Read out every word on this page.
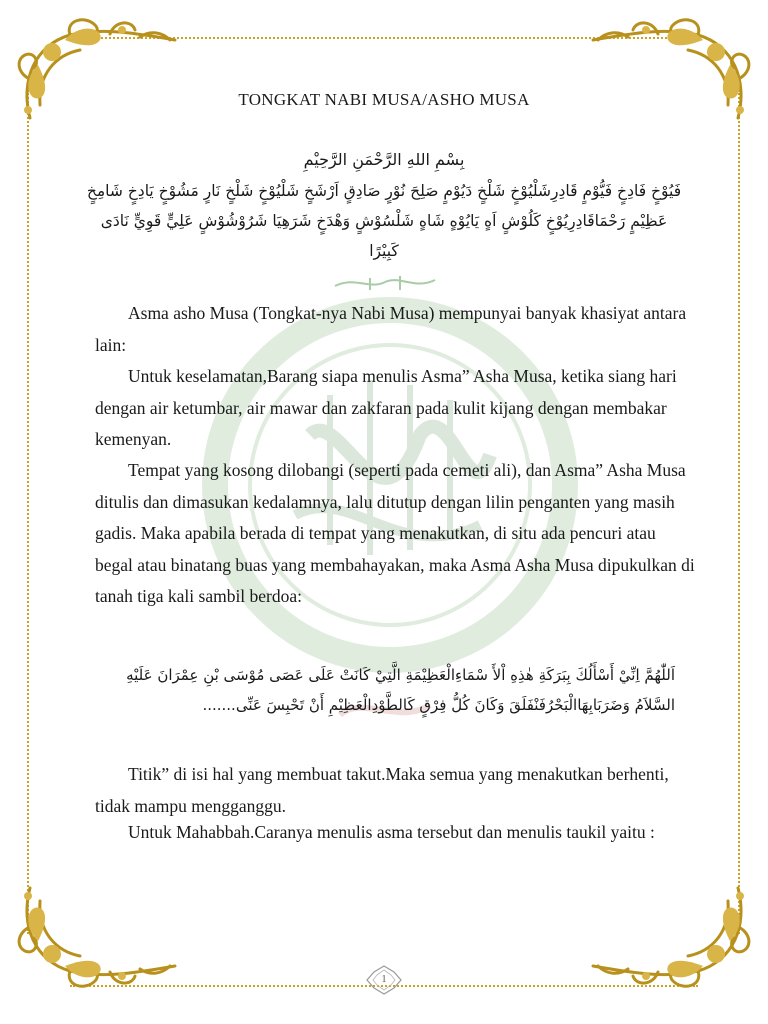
TONGKAT NABI MUSA/ASHO MUSA
بِسْمِ اللهِ الرَّحْمَنِ الرَّحِيْمِ
فَيُوْخٍ فَادِخٍ فَيُّوْمٍ قَادِرِشَلْيُوْخٍ شَلْخٍ دَيُوْمٍ صَلِحَ نُوْرٍ صَادِقٍ اَرْشَخٍ شَلْيُوْخٍ شَلْخٍ نَارٍ مَشُوْخٍ يَادِخٍ شَامِخٍ عَظِيْمٍ رَحْمَاقَادِرِيُوْخٍ كَلُوْشٍ اَهٍ يَايُوْهٍ شَاهٍ شَلْسُوْشٍ وَهْدَخٍ شَرَهِيَا شَرُوْشُوْشٍ عَلِيٍّ قَوِيٍّ نَادَى كَبِيْرًا

Asma asho Musa (Tongkat-nya Nabi Musa) mempunyai banyak khasiyat antara lain:

Untuk keselamatan,Barang siapa menulis Asma” Asha Musa, ketika siang hari dengan air ketumbar, air mawar dan zakfaran pada kulit kijang dengan membakar kemenyan.

Tempat yang kosong dilobangi (seperti pada cemeti ali), dan Asma” Asha Musa ditulis dan dimasukan kedalamnya, lalu ditutup dengan lilin penganten yang masih gadis. Maka apabila berada di tempat yang menakutkan, di situ ada pencuri atau begal atau binatang buas yang membahayakan, maka Asma Asha Musa dipukulkan di tanah tiga kali sambil berdoa:

اَللّٰهُمَّ اِنِّيْ أَسْأَلُكَ بِبَرَكَةِ هٰذِهِ اْلأَ سْمَاءِالْعَظِيْمَةِ الَّتِيْ كَانَتْ عَلَى عَصَى مُوْسَى بْنِ عِمْرَانَ عَلَيْهِ السَّلاَمُ وَضَرَبَابِهَاالْبَحْرُفَنْفَلَقَ وَكَانَ كُلُّ فِرْقٍ كَالطَّوْدِالْعَظِيْمِ أَنْ تَحْبِسَ عَنِّى.......

Titik” di isi hal yang membuat takut.Maka semua yang menakutkan berhenti, tidak mampu mengganggu.

Untuk Mahabbah.Caranya menulis asma tersebut dan menulis taukil yaitu :

1
